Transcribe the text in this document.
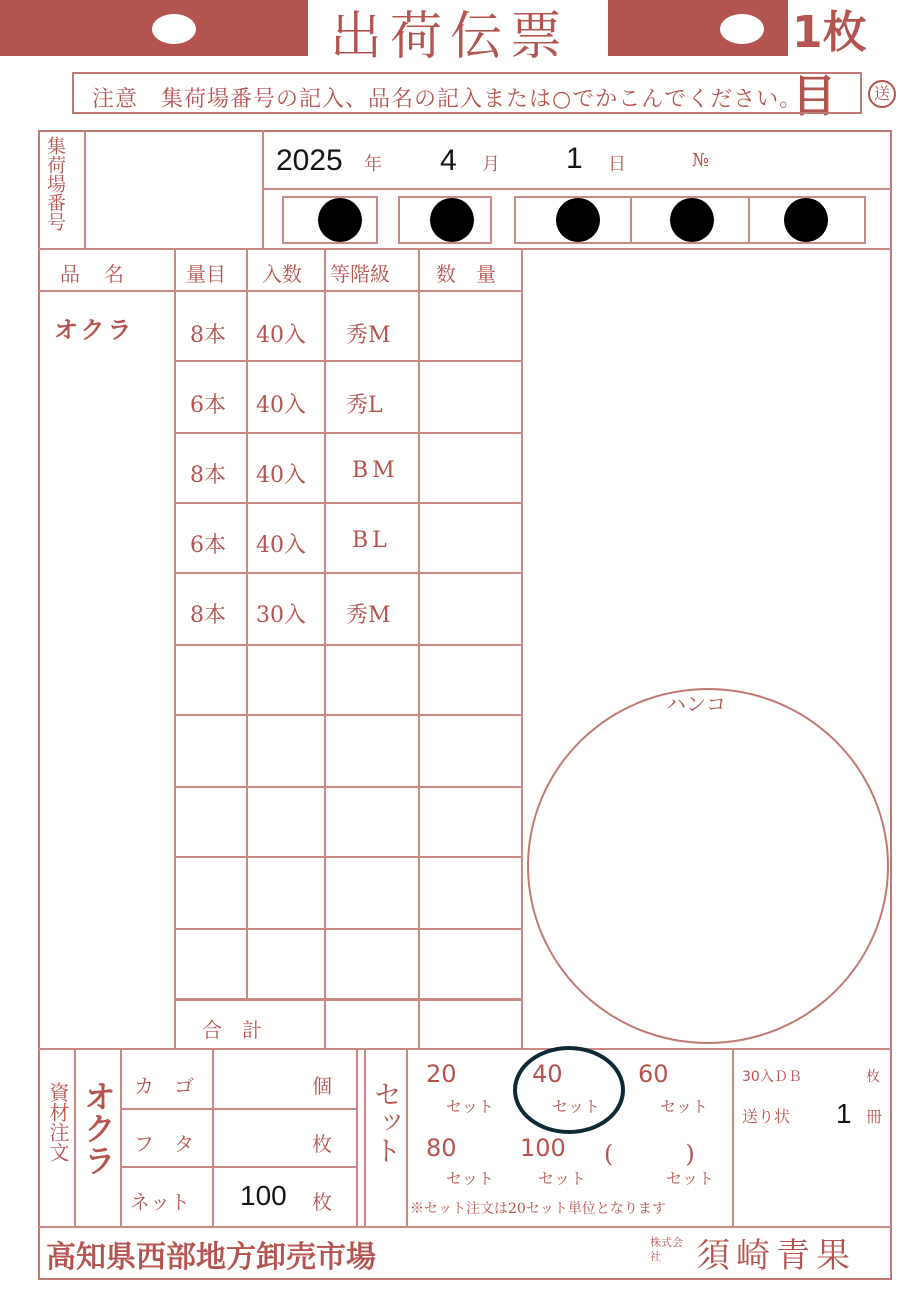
出荷伝票	1枚目
注意　集荷場番号の記入、品名の記入または○でかこんでください。	送
集荷場番号	2025 年 4 月 1 日	№
品　名	量目 入数 等階級 数　量
オクラ	8本 40入 秀M
6本 40入 秀L
8本 40入 BM
6本 40入 BL
8本 30入 秀M
合　計
ハンコ
資材注文 オクラ カ　ゴ	個
フ　タ	枚
ネット 100 枚
セット
20
セット
40
セット
60
セット
80
セット
100
セット
(　　　)
セット
※セット注文は20セット単位となります
30入ＤＢ	枚
送り状 1 冊
高知県西部地方卸売市場	株式会社	須崎青果
